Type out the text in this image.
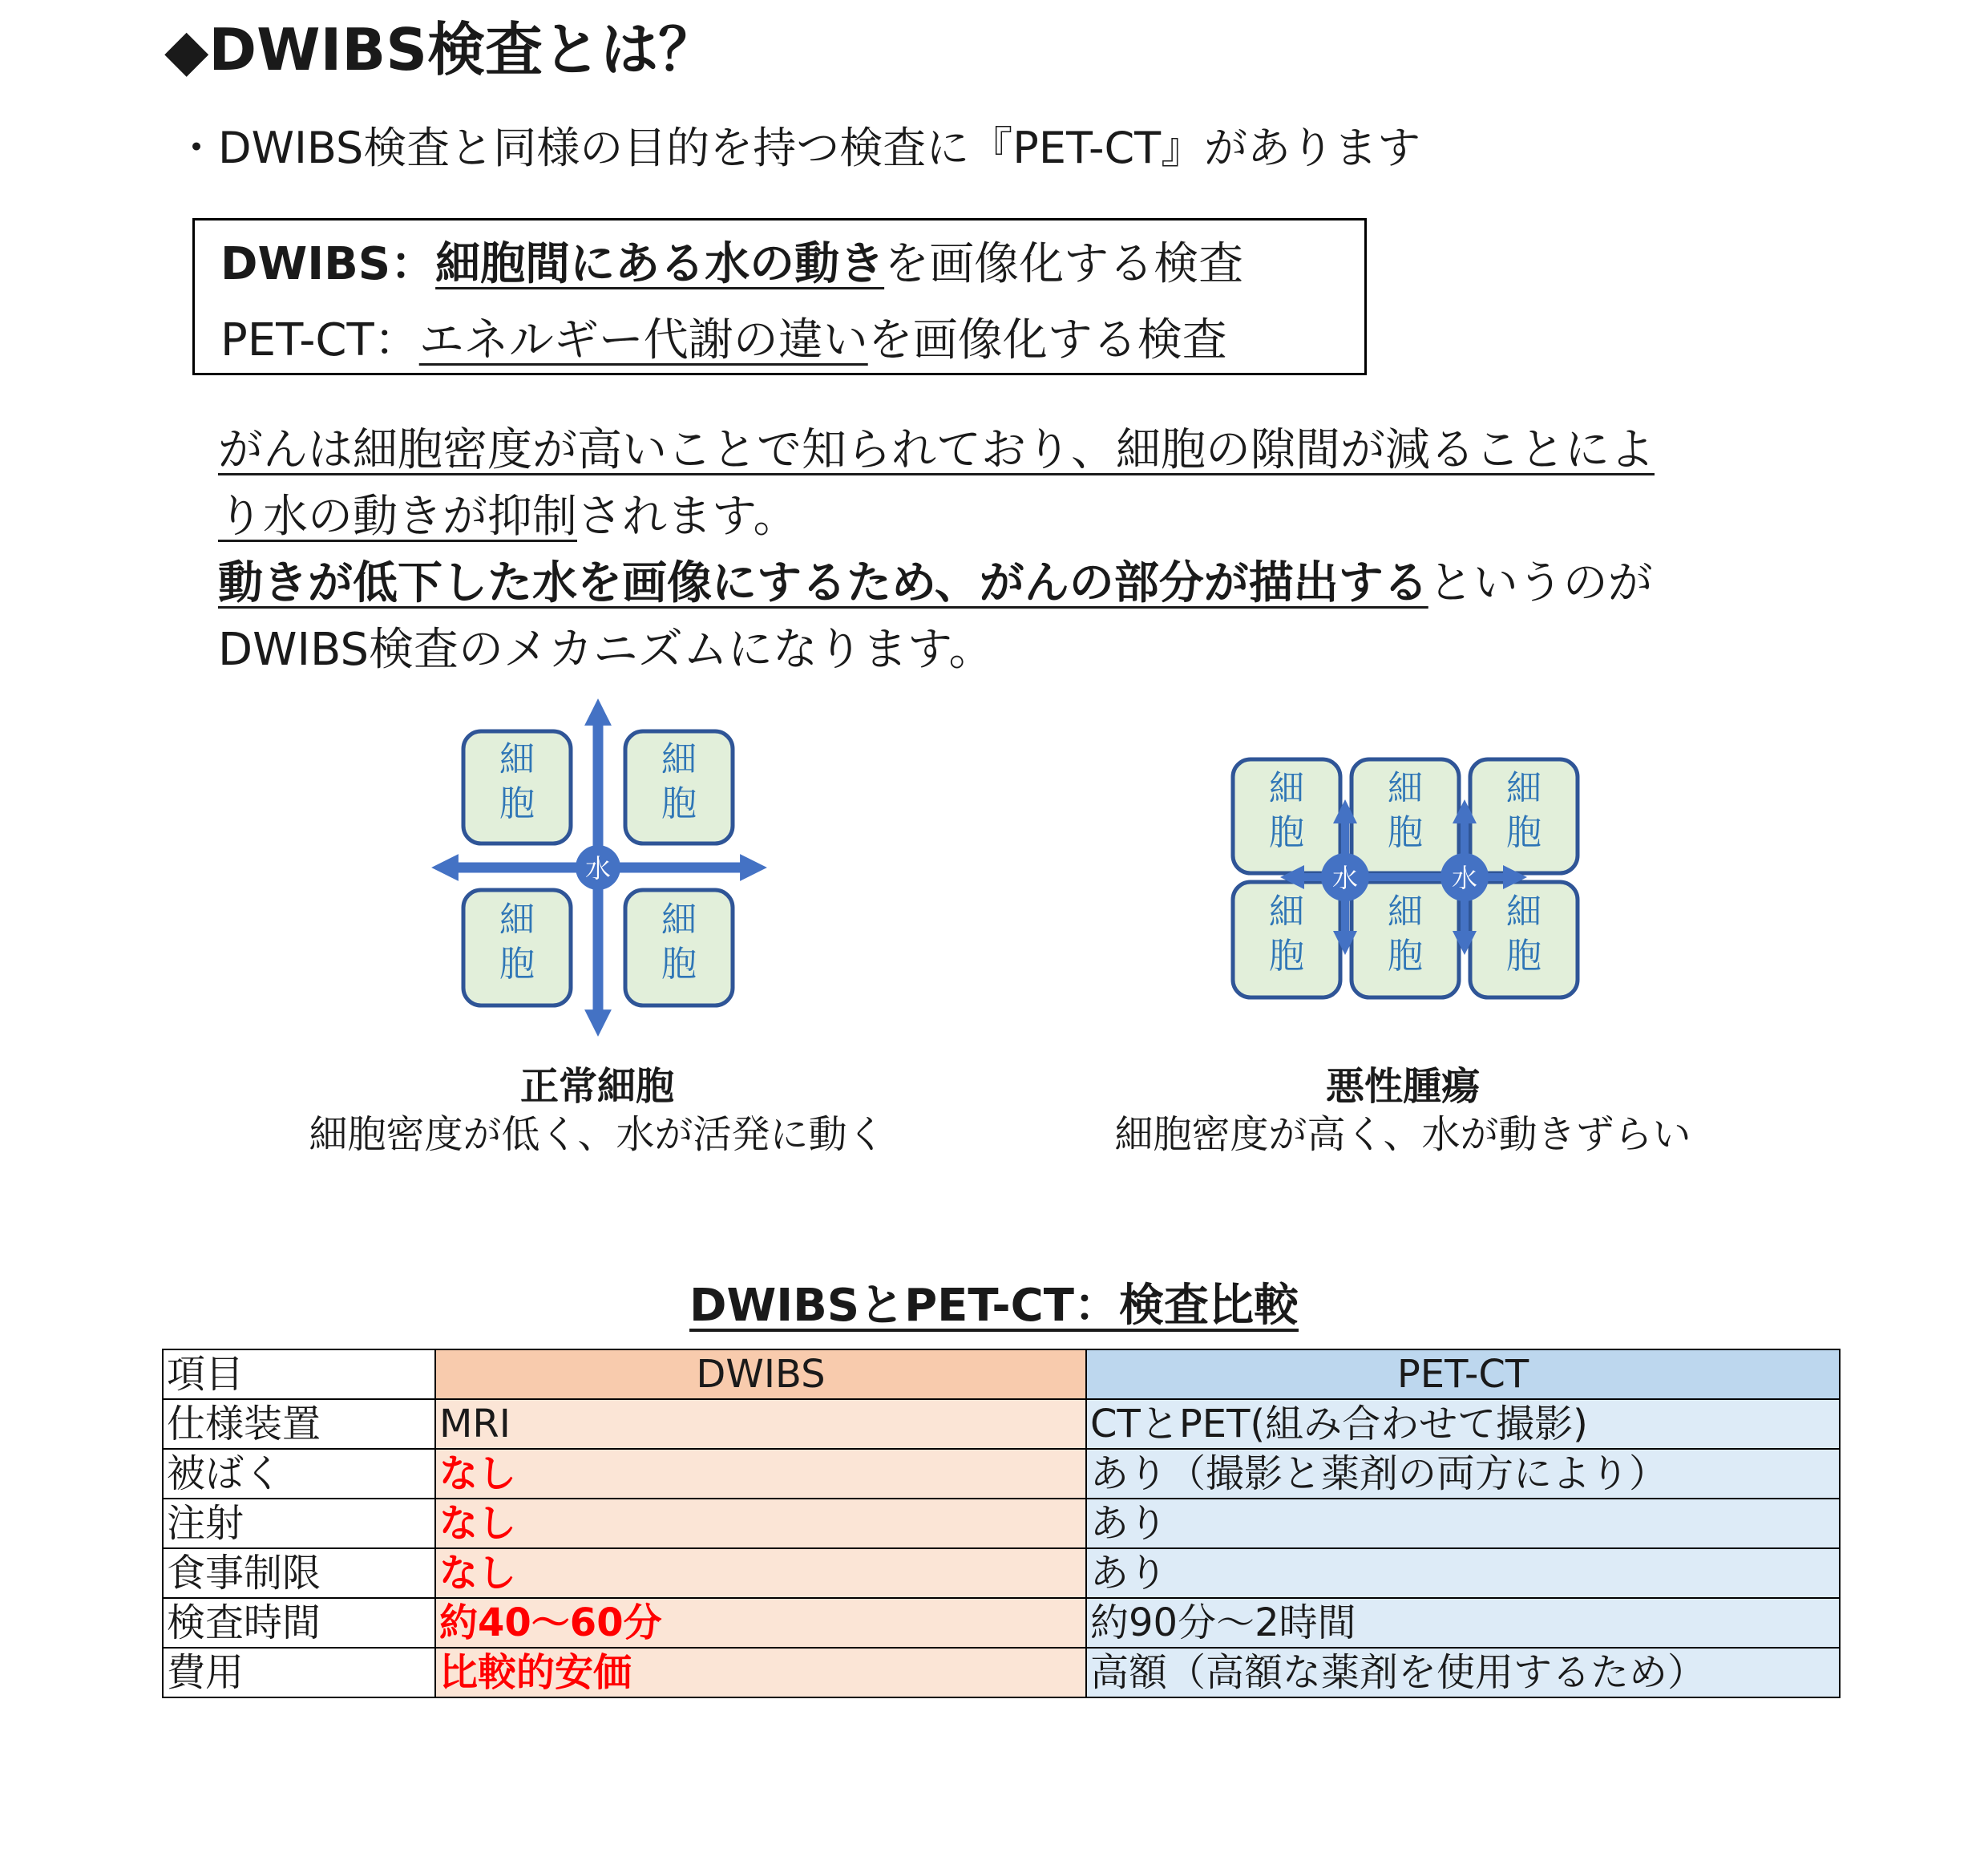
◆DWIBS検査とは？
・DWIBS検査と同様の目的を持つ検査に『PET-CT』があります
DWIBS：細胞間にある水の動きを画像化する検査
PET-CT：エネルギー代謝の違いを画像化する検査

がんは細胞密度が高いことで知られており、細胞の隙間が減ることによ

り水の動きが抑制されます。

動きが低下した水を画像にするため、がんの部分が描出するというのが

DWIBS検査のメカニズムになります。

細
胞
細
胞
細
胞
細
胞
水
細
胞
細
胞
細
胞
細
胞
細
胞
細
胞
水	水
正常細胞
細胞密度が低く、水が活発に動く
悪性腫瘍
細胞密度が高く、水が動きずらい
DWIBSとPET-CT：検査比較
項目	DWIBS	PET-CT
仕様装置	MRI	CTとPET(組み合わせて撮影)
被ばく	なし	あり（撮影と薬剤の両方により）
注射	なし	あり
食事制限	なし	あり
検査時間	約40～60分	約90分～2時間
費用	比較的安価	高額（高額な薬剤を使用するため）
